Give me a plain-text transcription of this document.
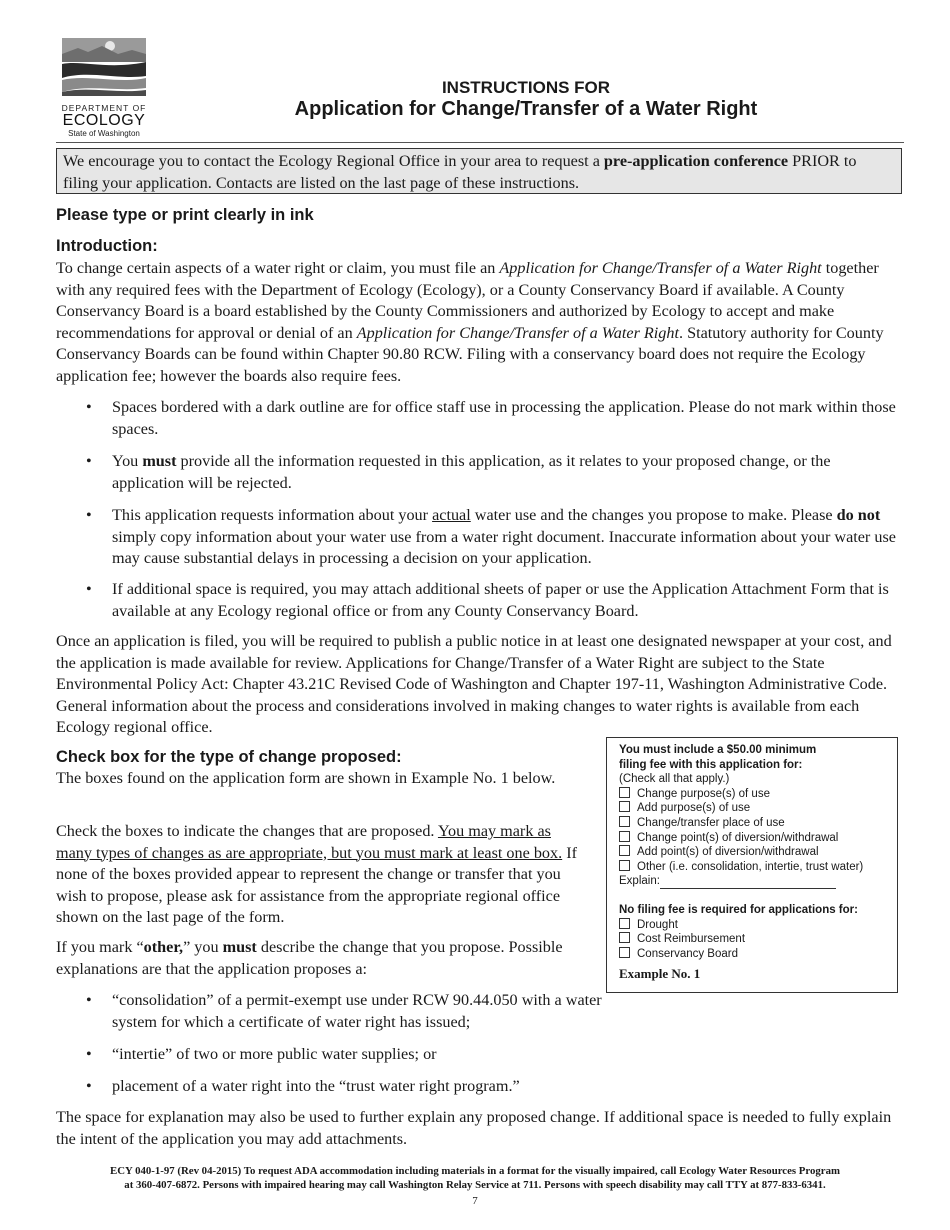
DEPARTMENT OF
ECOLOGY
State of Washington
INSTRUCTIONS FOR
Application for Change/Transfer of a Water Right
We encourage you to contact the Ecology Regional Office in your area to request a pre-application conference PRIOR to filing your application. Contacts are listed on the last page of these instructions.
Please type or print clearly in ink
Introduction:
To change certain aspects of a water right or claim, you must file an Application for Change/Transfer of a Water Right together with any required fees with the Department of Ecology (Ecology), or a County Conservancy Board if available. A County Conservancy Board is a board established by the County Commissioners and authorized by Ecology to accept and make recommendations for approval or denial of an Application for Change/Transfer of a Water Right. Statutory authority for County Conservancy Boards can be found within Chapter 90.80 RCW. Filing with a conservancy board does not require the Ecology application fee; however the boards also require fees.
• Spaces bordered with a dark outline are for office staff use in processing the application. Please do not mark within those spaces.
• You must provide all the information requested in this application, as it relates to your proposed change, or the application will be rejected.
• This application requests information about your actual water use and the changes you propose to make. Please do not simply copy information about your water use from a water right document. Inaccurate information about your water use may cause substantial delays in processing a decision on your application.
• If additional space is required, you may attach additional sheets of paper or use the Application Attachment Form that is available at any Ecology regional office or from any County Conservancy Board.
Once an application is filed, you will be required to publish a public notice in at least one designated newspaper at your cost, and the application is made available for review. Applications for Change/Transfer of a Water Right are subject to the State Environmental Policy Act: Chapter 43.21C Revised Code of Washington and Chapter 197-11, Washington Administrative Code. General information about the process and considerations involved in making changes to water rights is available from each Ecology regional office.
Check box for the type of change proposed:
The boxes found on the application form are shown in Example No. 1 below.
Check the boxes to indicate the changes that are proposed. You may mark as many types of changes as are appropriate, but you must mark at least one box. If none of the boxes provided appear to represent the change or transfer that you wish to propose, please ask for assistance from the appropriate regional office shown on the last page of the form.
If you mark “other,” you must describe the change that you propose. Possible explanations are that the application proposes a:
• “consolidation” of a permit-exempt use under RCW 90.44.050 with a water system for which a certificate of water right has issued;
• “intertie” of two or more public water supplies; or
• placement of a water right into the “trust water right program.”
The space for explanation may also be used to further explain any proposed change. If additional space is needed to fully explain the intent of the application you may add attachments.
You must include a $50.00 minimum
filing fee with this application for:
(Check all that apply.)
Change purpose(s) of use
Add purpose(s) of use
Change/transfer place of use
Change point(s) of diversion/withdrawal
Add point(s) of diversion/withdrawal
Other (i.e. consolidation, intertie, trust water)
Explain:
No filing fee is required for applications for:
Drought
Cost Reimbursement
Conservancy Board
Example No. 1
ECY 040-1-97 (Rev 04-2015) To request ADA accommodation including materials in a format for the visually impaired, call Ecology Water Resources Program
at 360-407-6872. Persons with impaired hearing may call Washington Relay Service at 711. Persons with speech disability may call TTY at 877-833-6341.
7
